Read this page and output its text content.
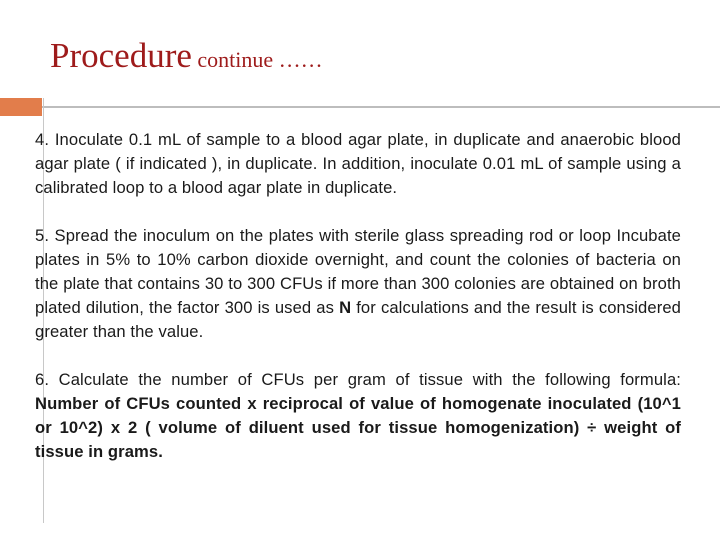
Procedure continue ……

4. Inoculate 0.1 mL of sample to a blood agar plate, in duplicate and anaerobic blood agar plate ( if indicated ), in duplicate. In addition, inoculate 0.01 mL of sample using a calibrated loop to a blood agar plate in duplicate.

5. Spread the inoculum on the plates with sterile glass spreading rod or loop Incubate plates in 5% to 10% carbon dioxide overnight, and count the colonies of bacteria on the plate that contains 30 to 300 CFUs if more than 300 colonies are obtained on broth plated dilution, the factor 300 is used as N for calculations and the result is considered greater than the value.

6. Calculate the number of CFUs per gram of tissue with the following formula: Number of CFUs counted x reciprocal of value of homogenate inoculated (10^1 or 10^2) x 2 ( volume of diluent used for tissue homogenization) ÷ weight of tissue in grams.
